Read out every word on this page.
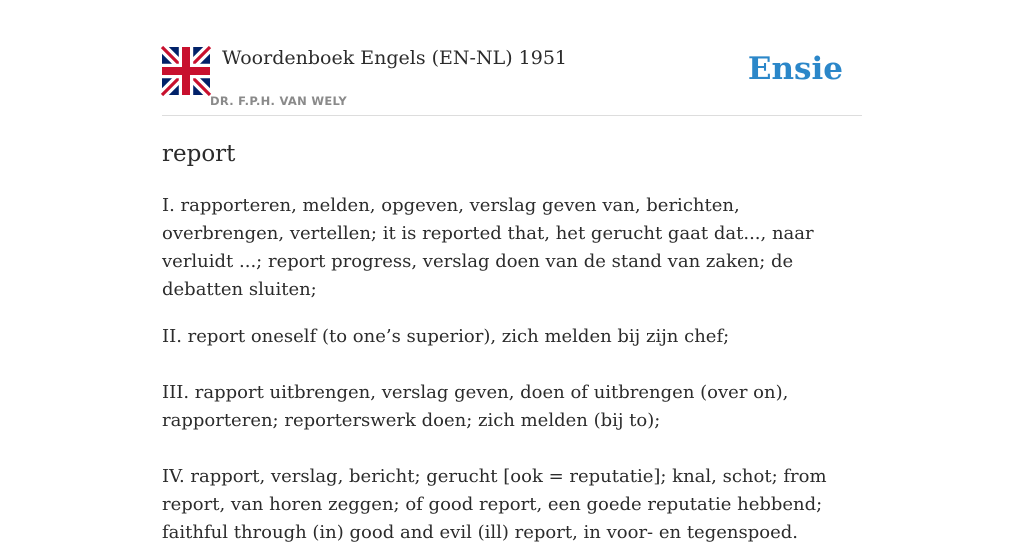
Woordenboek Engels (EN-NL) 1951
DR. F.P.H. VAN WELY
Ensie
report

I. rapporteren, melden, opgeven, verslag geven van, berichten, overbrengen, vertellen; it is reported that, het gerucht gaat dat..., naar verluidt ...; report progress, verslag doen van de stand van zaken; de debatten sluiten;

II. report oneself (to one’s superior), zich melden bij zijn chef;

III. rapport uitbrengen, verslag geven, doen of uitbrengen (over on), rapporteren; reporterswerk doen; zich melden (bij to);

IV. rapport, verslag, bericht; gerucht [ook = reputatie]; knal, schot; from report, van horen zeggen; of good report, een goede reputatie hebbend; faithful through (in) good and evil (ill) report, in voor- en tegenspoed.
